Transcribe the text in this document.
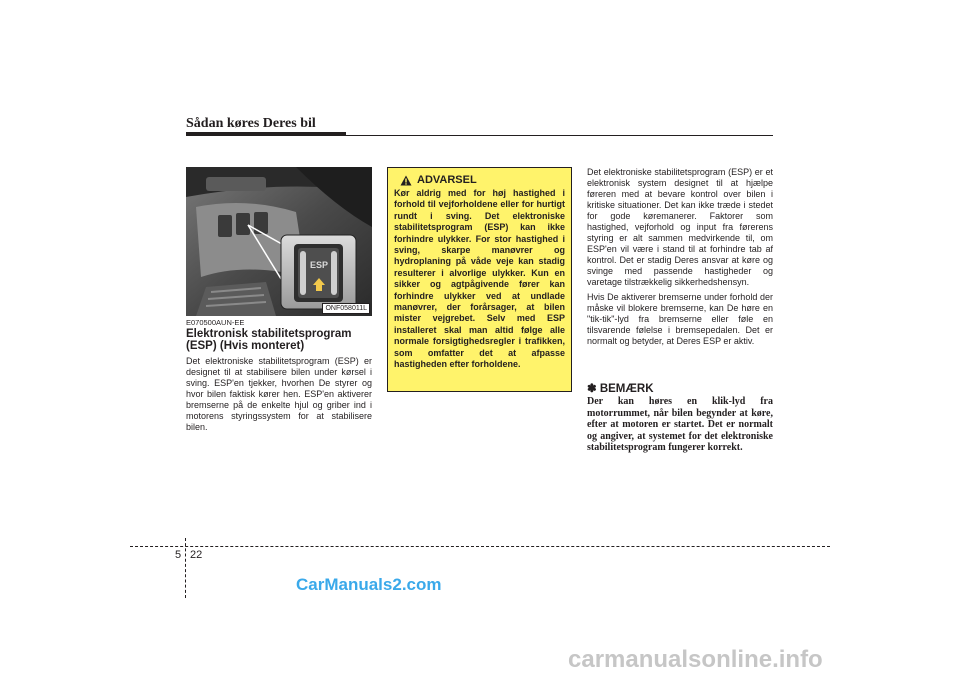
Sådan køres Deres bil
ESP
ONF058011L
E070500AUN-EE
Elektronisk stabilitetsprogram (ESP) (Hvis monteret)
Det elektroniske stabilitetsprogram (ESP) er designet til at stabilisere bilen under kørsel i sving. ESP'en tjekker, hvorhen De styrer og hvor bilen faktisk kører hen. ESP'en aktiverer bremserne på de enkelte hjul og griber ind i motorens styringssystem for at stabilisere bilen.
ADVARSEL
Kør aldrig med for høj hastighed i forhold til vejforholdene eller for hurtigt rundt i sving. Det elektroniske stabilitetsprogram (ESP) kan ikke forhindre ulykker. For stor hastighed i sving, skarpe manøvrer og hydroplaning på våde veje kan stadig resulterer i alvorlige ulykker. Kun en sikker og agtpågivende fører kan forhindre ulykker ved at undlade manøvrer, der forårsager, at bilen mister vejgrebet. Selv med ESP installeret skal man altid følge alle normale forsigtighedsregler i trafikken, som omfatter det at afpasse hastigheden efter forholdene.

Det elektroniske stabilitetsprogram (ESP) er et elektronisk system designet til at hjælpe føreren med at bevare kontrol over bilen i kritiske situationer. Det kan ikke træde i stedet for gode køremanerer. Faktorer som hastighed, vejforhold og input fra førerens styring er alt sammen medvirkende til, om ESP'en vil være i stand til at forhindre tab af kontrol. Det er stadig Deres ansvar at køre og svinge med passende hastigheder og varetage tilstrækkelig sikkerhedshensyn.

Hvis De aktiverer bremserne under forhold der måske vil blokere bremserne, kan De høre en "tik-tik"-lyd fra bremserne eller føle en tilsvarende følelse i bremsepedalen. Det er normalt og betyder, at Deres ESP er aktiv.

✽ BEMÆRK
Der kan høres en klik-lyd fra motorrummet, når bilen begynder at køre, efter at motoren er startet. Det er normalt og angiver, at systemet for det elektroniske stabilitetsprogram fungerer korrekt.
5 22
CarManuals2.com
carmanualsonline.info
